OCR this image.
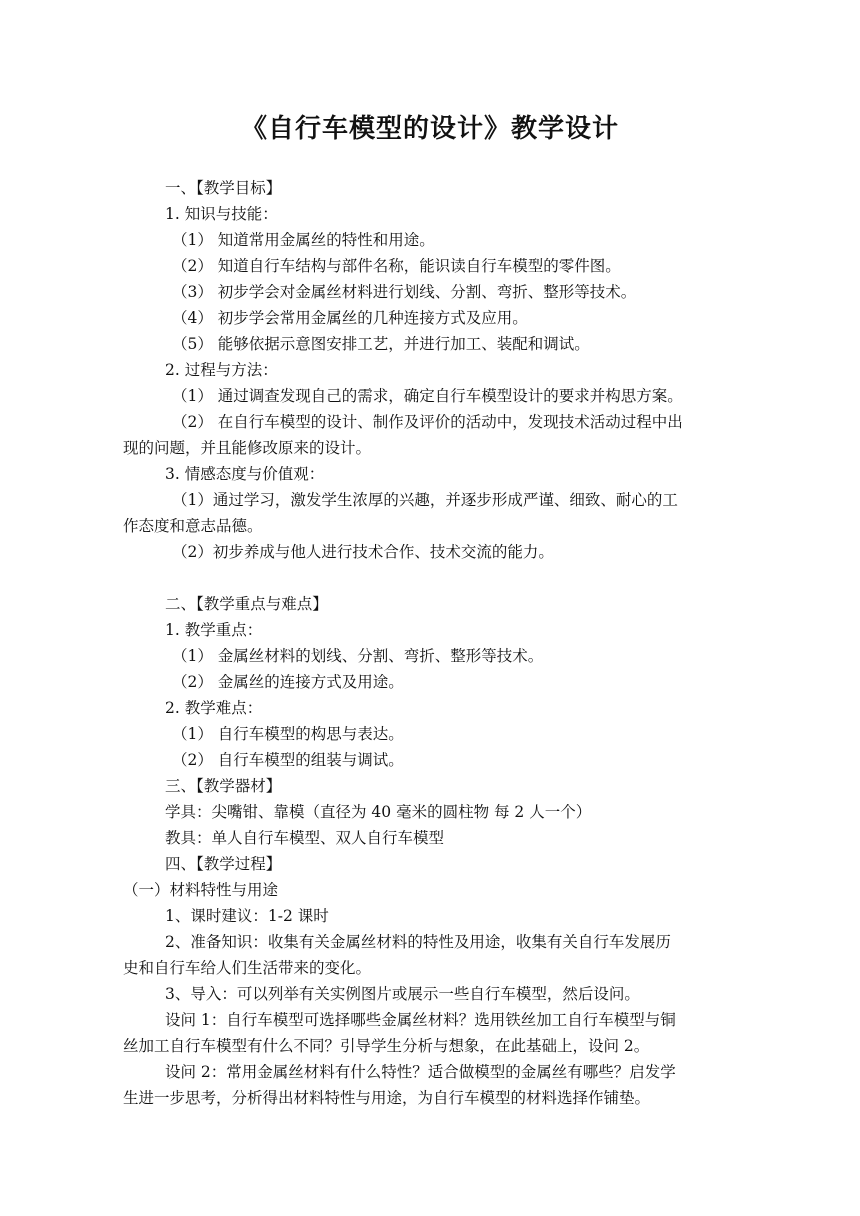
《自行车模型的设计》教学设计
一、【教学目标】
1. 知识与技能：
（1） 知道常用金属丝的特性和用途。
（2） 知道自行车结构与部件名称，能识读自行车模型的零件图。
（3） 初步学会对金属丝材料进行划线、分割、弯折、整形等技术。
（4） 初步学会常用金属丝的几种连接方式及应用。
（5） 能够依据示意图安排工艺，并进行加工、装配和调试。
2. 过程与方法：
（1） 通过调查发现自己的需求，确定自行车模型设计的要求并构思方案。
（2） 在自行车模型的设计、制作及评价的活动中，发现技术活动过程中出
现的问题，并且能修改原来的设计。
3. 情感态度与价值观：
（1）通过学习，激发学生浓厚的兴趣，并逐步形成严谨、细致、耐心的工
作态度和意志品德。
（2）初步养成与他人进行技术合作、技术交流的能力。
二、【教学重点与难点】
1. 教学重点：
（1） 金属丝材料的划线、分割、弯折、整形等技术。
（2） 金属丝的连接方式及用途。
2. 教学难点：
（1） 自行车模型的构思与表达。
（2） 自行车模型的组装与调试。
三、【教学器材】
学具：尖嘴钳、靠模（直径为 40 毫米的圆柱物 每 2 人一个）
教具：单人自行车模型、双人自行车模型
四、【教学过程】
（一）材料特性与用途
1、课时建议：1-2 课时
2、准备知识：收集有关金属丝材料的特性及用途，收集有关自行车发展历
史和自行车给人们生活带来的变化。
3、导入：可以列举有关实例图片或展示一些自行车模型，然后设问。
设问 1：自行车模型可选择哪些金属丝材料？选用铁丝加工自行车模型与铜
丝加工自行车模型有什么不同？引导学生分析与想象，在此基础上，设问 2。
设问 2：常用金属丝材料有什么特性？适合做模型的金属丝有哪些？启发学
生进一步思考，分析得出材料特性与用途，为自行车模型的材料选择作铺垫。
